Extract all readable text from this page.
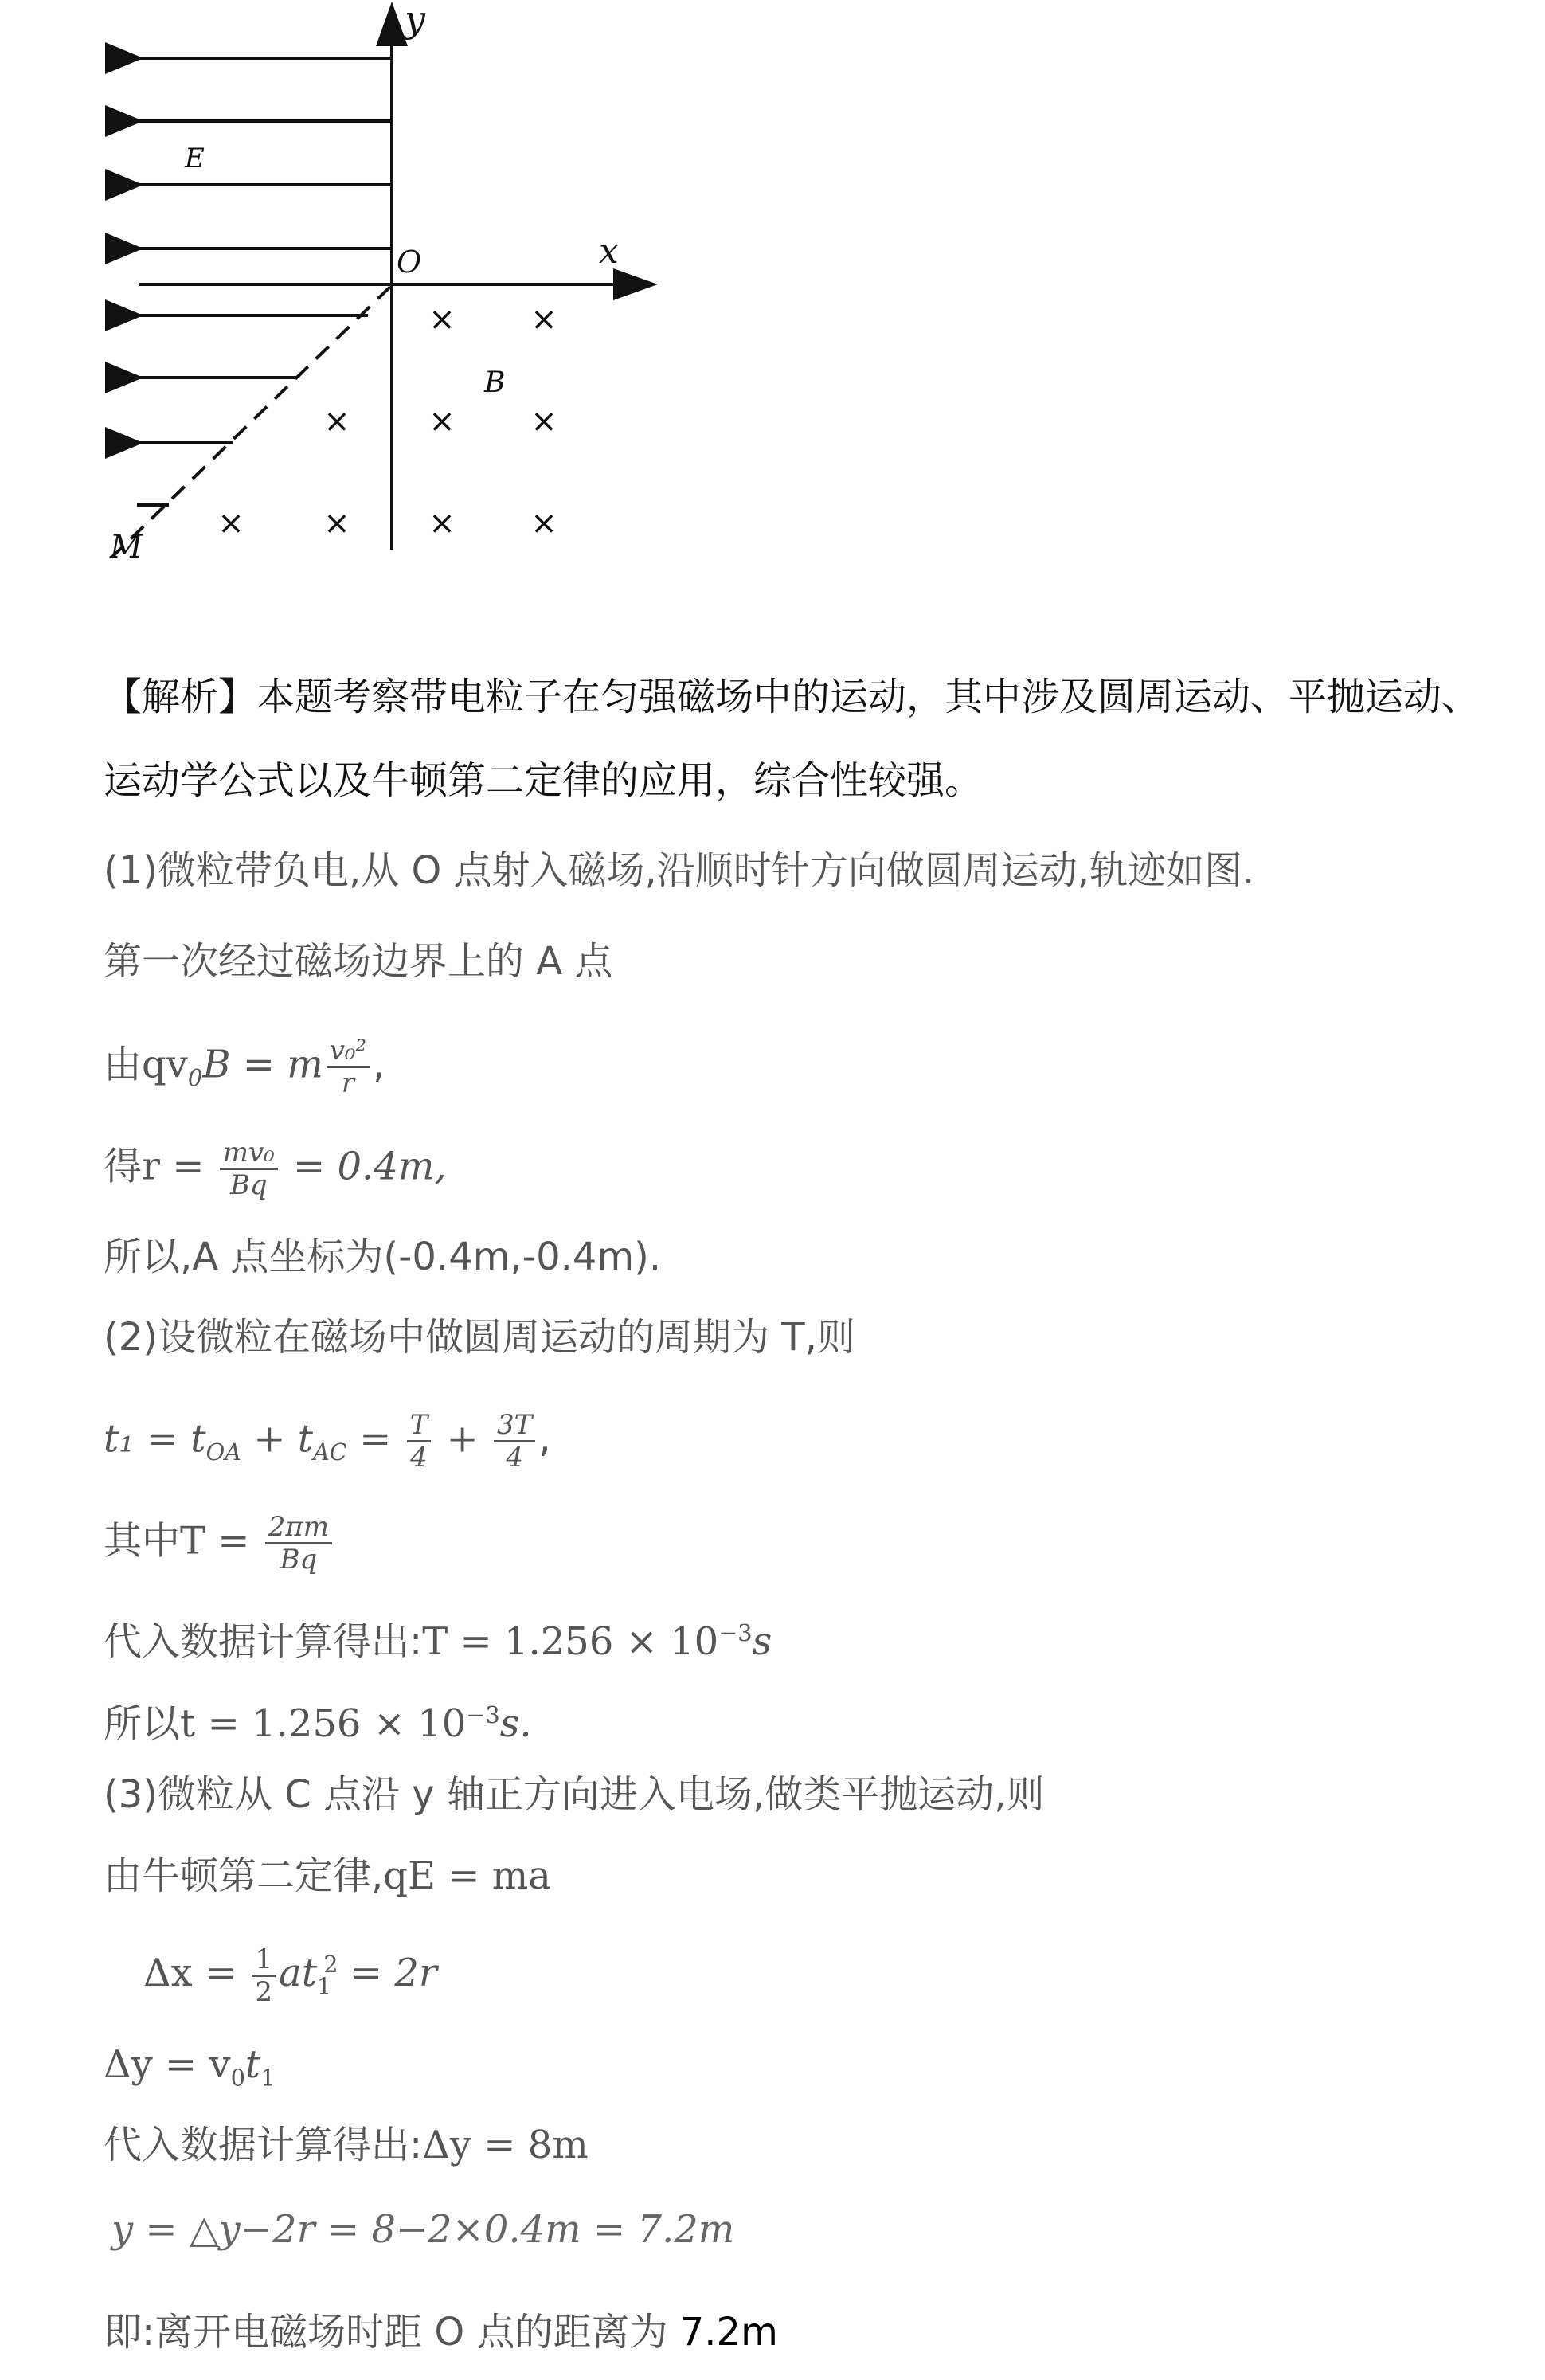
y
x
O
E
B
M
× ×
× × ×
× × × ×
【解析】本题考察带电粒子在匀强磁场中的运动，其中涉及圆周运动、平抛运动、
运动学公式以及牛顿第二定律的应用，综合性较强。
(1)微粒带负电,从 O 点射入磁场,沿顺时针方向做圆周运动,轨迹如图.
第一次经过磁场边界上的 A 点
由$qv_0B = m \frac{\text{v₀²}}{r}$ ,
得$r = \frac{\text{mv₀}}{Bq} = 0.4m$,
所以,A 点坐标为(-0.4m,-0.4m).
(2)设微粒在磁场中做圆周运动的周期为 T,则
$t_1 = t_{OA} + t_{AC} = \frac{T}{4} + \frac{3T}{4}$ ,
其中$T = \frac{2\pi m}{Bq}$
代入数据计算得出:T = $1.256 \times 10^{-3}s$
所以$t = 1.256 \times 10^{-3}s$.
(3)微粒从 C 点沿 y 轴正方向进入电场,做类平抛运动,则
由牛顿第二定律,qE = ma
$\Delta x = \frac{1}{2} at_1^2 = 2r$
$\Delta y = v_0t_1$
代入数据计算得出:Δy = 8m
y = △y−2r = 8−2×0.4m = 7.2m
即:离开电磁场时距 O 点的距离为 7.2m
